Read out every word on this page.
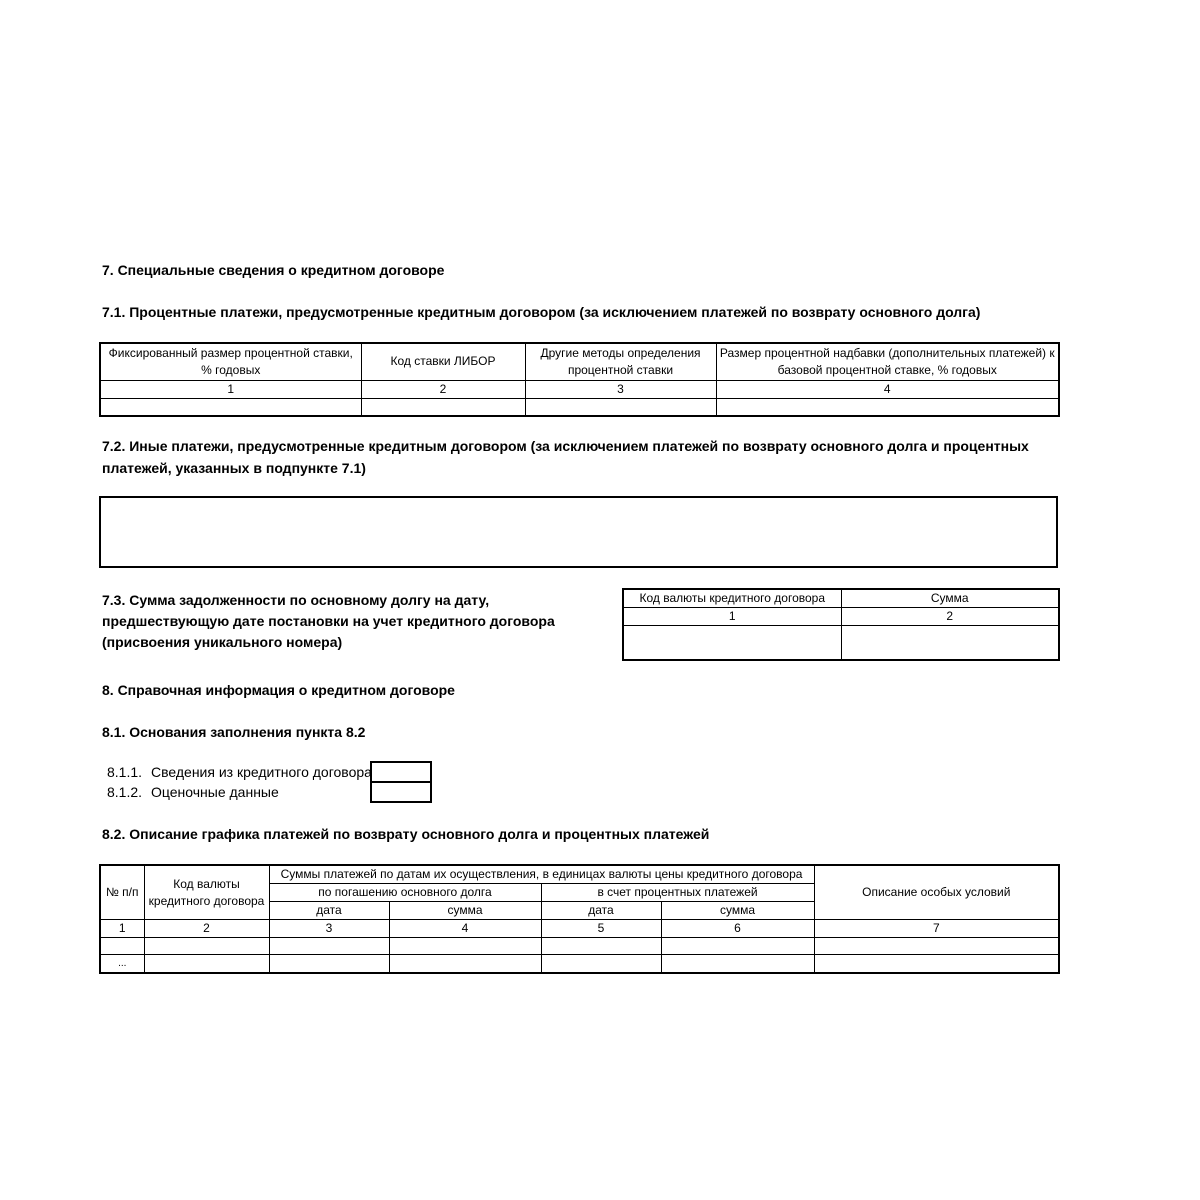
7. Специальные сведения о кредитном договоре

7.1. Процентные платежи, предусмотренные кредитным договором (за исключением платежей по возврату основного долга)

Фиксированный размер процентной ставки, % годовых	Код ставки ЛИБОР	Другие методы определения процентной ставки	Размер процентной надбавки (дополнительных платежей) к базовой процентной ставке, % годовых
1	2	3	4

7.2. Иные платежи, предусмотренные кредитным договором (за исключением платежей по возврату основного долга и процентных

платежей, указанных в подпункте 7.1)

7.3. Сумма задолженности по основному долгу на дату,

предшествующую дате постановки на учет кредитного договора

(присвоения уникального номера)

Код валюты кредитного договора	Сумма
1	2

8. Справочная информация о кредитном договоре

8.1. Основания заполнения пункта 8.2

8.1.1. Сведения из кредитного договора
8.1.2. Оценочные данные

8.2. Описание графика платежей по возврату основного долга и процентных платежей

№ п/п	Код валюты кредитного договора	Суммы платежей по датам их осуществления, в единицах валюты цены кредитного договора				Описание особых условий
		по погашению основного долга		в счет процентных платежей		
		дата	сумма	дата	сумма	
1	2	3	4	5	6	7

...						
